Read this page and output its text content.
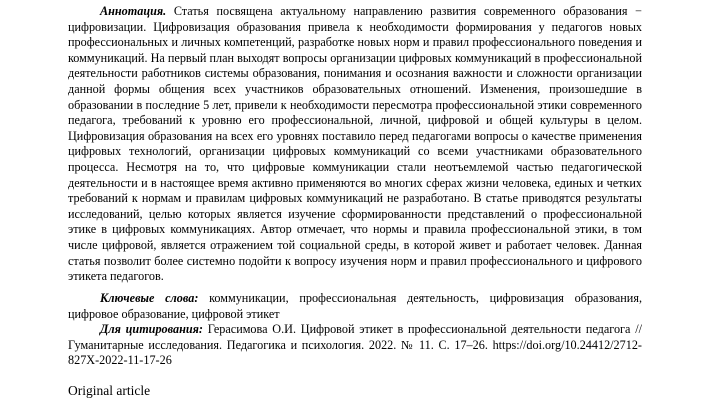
Аннотация. Статья посвящена актуальному направлению развития современного образования − цифровизации. Цифровизация образования привела к необходимости формирования у педагогов новых профессиональных и личных компетенций, разработке новых норм и правил профессионального поведения и коммуникаций. На первый план выходят вопросы организации цифровых коммуникаций в профессиональной деятельности работников системы образования, понимания и осознания важности и сложности организации данной формы общения всех участников образовательных отношений. Изменения, произошедшие в образовании в последние 5 лет, привели к необходимости пересмотра профессиональной этики современного педагога, требований к уровню его профессиональной, личной, цифровой и общей культуры в целом. Цифровизация образования на всех его уровнях поставило перед педагогами вопросы о качестве применения цифровых технологий, организации цифровых коммуникаций со всеми участниками образовательного процесса. Несмотря на то, что цифровые коммуникации стали неотъемлемой частью педагогической деятельности и в настоящее время активно применяются во многих сферах жизни человека, единых и четких требований к нормам и правилам цифровых коммуникаций не разработано. В статье приводятся результаты исследований, целью которых является изучение сформированности представлений о профессиональной этике в цифровых коммуникациях. Автор отмечает, что нормы и правила профессиональной этики, в том числе цифровой, является отражением той социальной среды, в которой живет и работает человек. Данная статья позволит более системно подойти к вопросу изучения норм и правил профессионального и цифрового этикета педагогов.

Ключевые слова: коммуникации, профессиональная деятельность, цифровизация образования, цифровое образование, цифровой этикет

Для цитирования: Герасимова О.И. Цифровой этикет в профессиональной деятельности педагога // Гуманитарные исследования. Педагогика и психология. 2022. № 11. С. 17–26. https://doi.org/10.24412/2712-827X-2022-11-17-26

Original article
